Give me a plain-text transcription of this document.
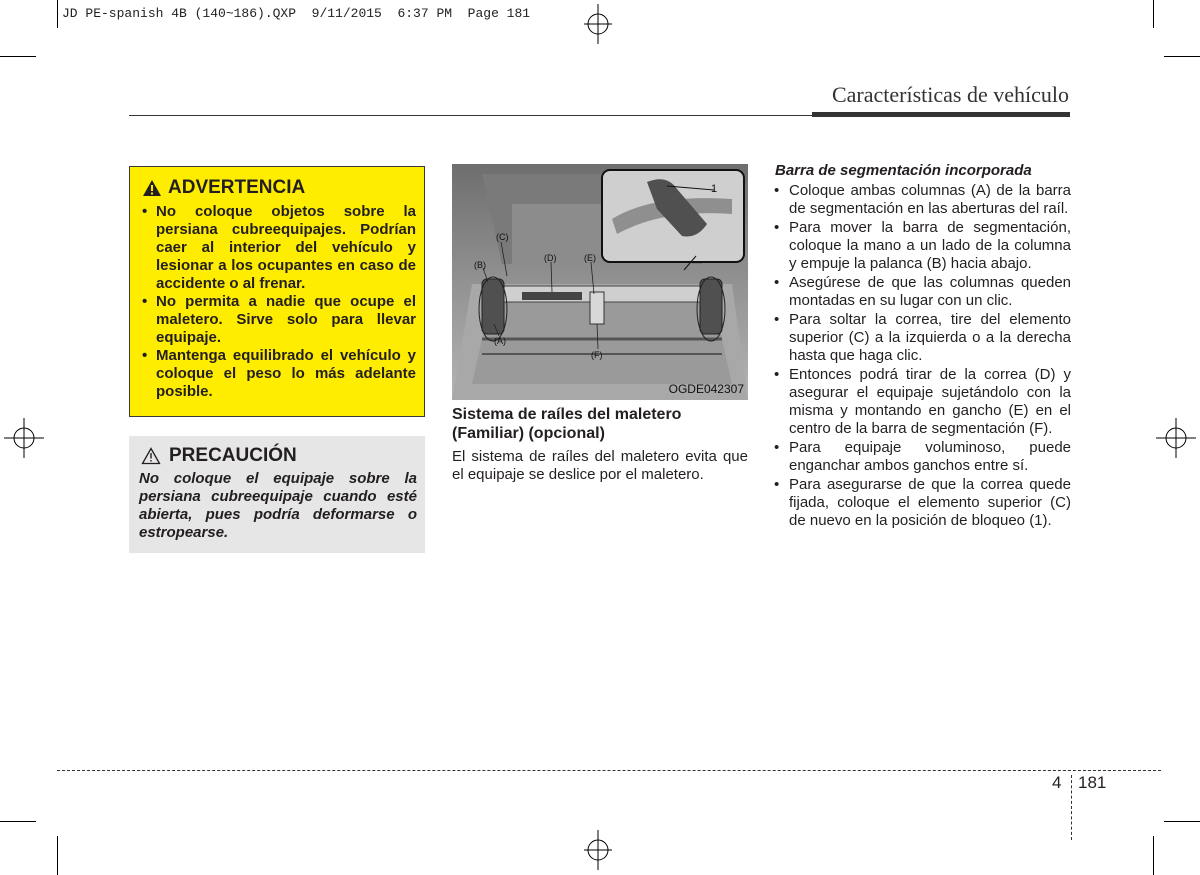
JD PE-spanish 4B (140~186).QXP  9/11/2015  6:37 PM  Page 181
Características de vehículo
ADVERTENCIA
• No coloque objetos sobre la persiana cubreequipajes. Podrían caer al interior del vehículo y lesionar a los ocupantes en caso de accidente o al frenar.
• No permita a nadie que ocupe el maletero. Sirve solo para llevar equipaje.
• Mantenga equilibrado el vehículo y coloque el peso lo más adelante posible.
PRECAUCIÓN

No coloque el equipaje sobre la persiana cubreequipaje cuando esté abierta, pues podría deformarse o estropearse.

(C)
(B)
(D)	(E)
(A)
(F)
1
OGDE042307
Sistema de raíles del maletero (Familiar) (opcional)

El sistema de raíles del maletero evita que el equipaje se deslice por el maletero.

Barra de segmentación incorporada
• Coloque ambas columnas (A) de la barra de segmentación en las aberturas del raíl.
• Para mover la barra de segmentación, coloque la mano a un lado de la columna y empuje la palanca (B) hacia abajo.
• Asegúrese de que las columnas queden montadas en su lugar con un clic.
• Para soltar la correa, tire del elemento superior (C) a la izquierda o a la derecha hasta que haga clic.
• Entonces podrá tirar de la correa (D) y asegurar el equipaje sujetándolo con la misma y montando en gancho (E) en el centro de la barra de segmentación (F).
• Para equipaje voluminoso, puede enganchar ambos ganchos entre sí.
• Para asegurarse de que la correa quede fijada, coloque el elemento superior (C) de nuevo en la posición de bloqueo (1).
4 181
